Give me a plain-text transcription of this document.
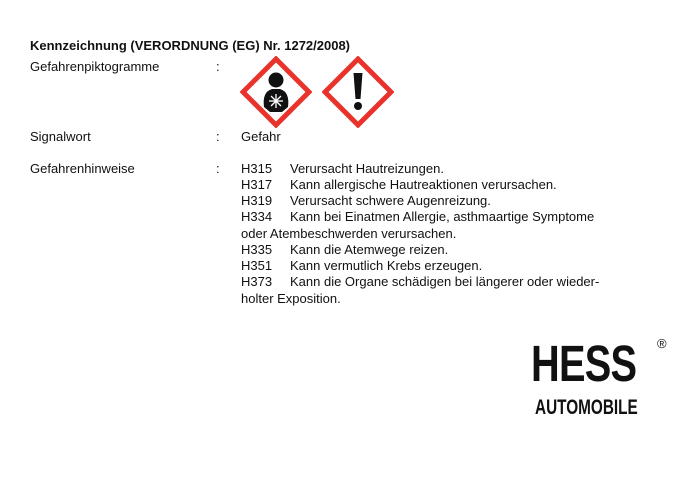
Kennzeichnung (VERORDNUNG (EG) Nr. 1272/2008)
Gefahrenpiktogramme	:
Signalwort	: Gefahr
Gefahrenhinweise	: H315 Verursacht Hautreizungen.
H317 Kann allergische Hautreaktionen verursachen.
H319 Verursacht schwere Augenreizung.
H334 Kann bei Einatmen Allergie, asthmaartige Symptome
oder Atembeschwerden verursachen.
H335 Kann die Atemwege reizen.
H351 Kann vermutlich Krebs erzeugen.
H373 Kann die Organe schädigen bei längerer oder wieder-
holter Exposition.
HESS ®
AUTOMOBILE
